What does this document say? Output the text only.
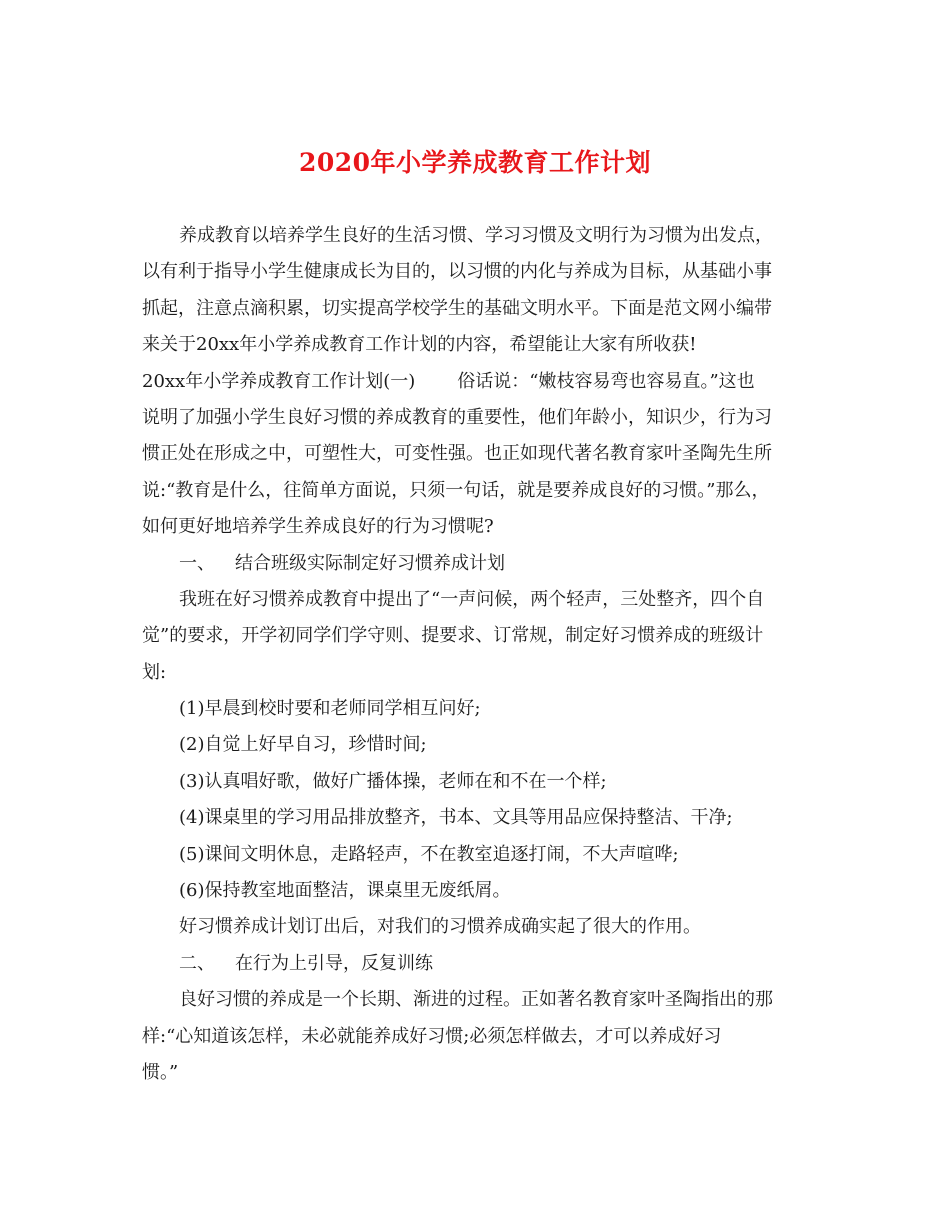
2020年小学养成教育工作计划
养成教育以培养学生良好的生活习惯、学习习惯及文明行为习惯为出发点，
以有利于指导小学生健康成长为目的，以习惯的内化与养成为目标，从基础小事
抓起，注意点滴积累，切实提高学校学生的基础文明水平。下面是范文网小编带
来关于20xx年小学养成教育工作计划的内容，希望能让大家有所收获!
20xx年小学养成教育工作计划(一) 俗话说：“嫩枝容易弯也容易直。”这也
说明了加强小学生良好习惯的养成教育的重要性，他们年龄小，知识少，行为习
惯正处在形成之中，可塑性大，可变性强。也正如现代著名教育家叶圣陶先生所
说:“教育是什么，往简单方面说，只须一句话，就是要养成良好的习惯。”那么，
如何更好地培养学生养成良好的行为习惯呢?
一、 结合班级实际制定好习惯养成计划
我班在好习惯养成教育中提出了“一声问候，两个轻声，三处整齐，四个自
觉”的要求，开学初同学们学守则、提要求、订常规，制定好习惯养成的班级计
划:
(1)早晨到校时要和老师同学相互问好;
(2)自觉上好早自习，珍惜时间;
(3)认真唱好歌，做好广播体操，老师在和不在一个样;
(4)课桌里的学习用品排放整齐，书本、文具等用品应保持整洁、干净;
(5)课间文明休息，走路轻声，不在教室追逐打闹，不大声喧哗;
(6)保持教室地面整洁，课桌里无废纸屑。
好习惯养成计划订出后，对我们的习惯养成确实起了很大的作用。
二、 在行为上引导，反复训练
良好习惯的养成是一个长期、渐进的过程。正如著名教育家叶圣陶指出的那
样:“心知道该怎样，未必就能养成好习惯;必须怎样做去，才可以养成好习
惯。”
